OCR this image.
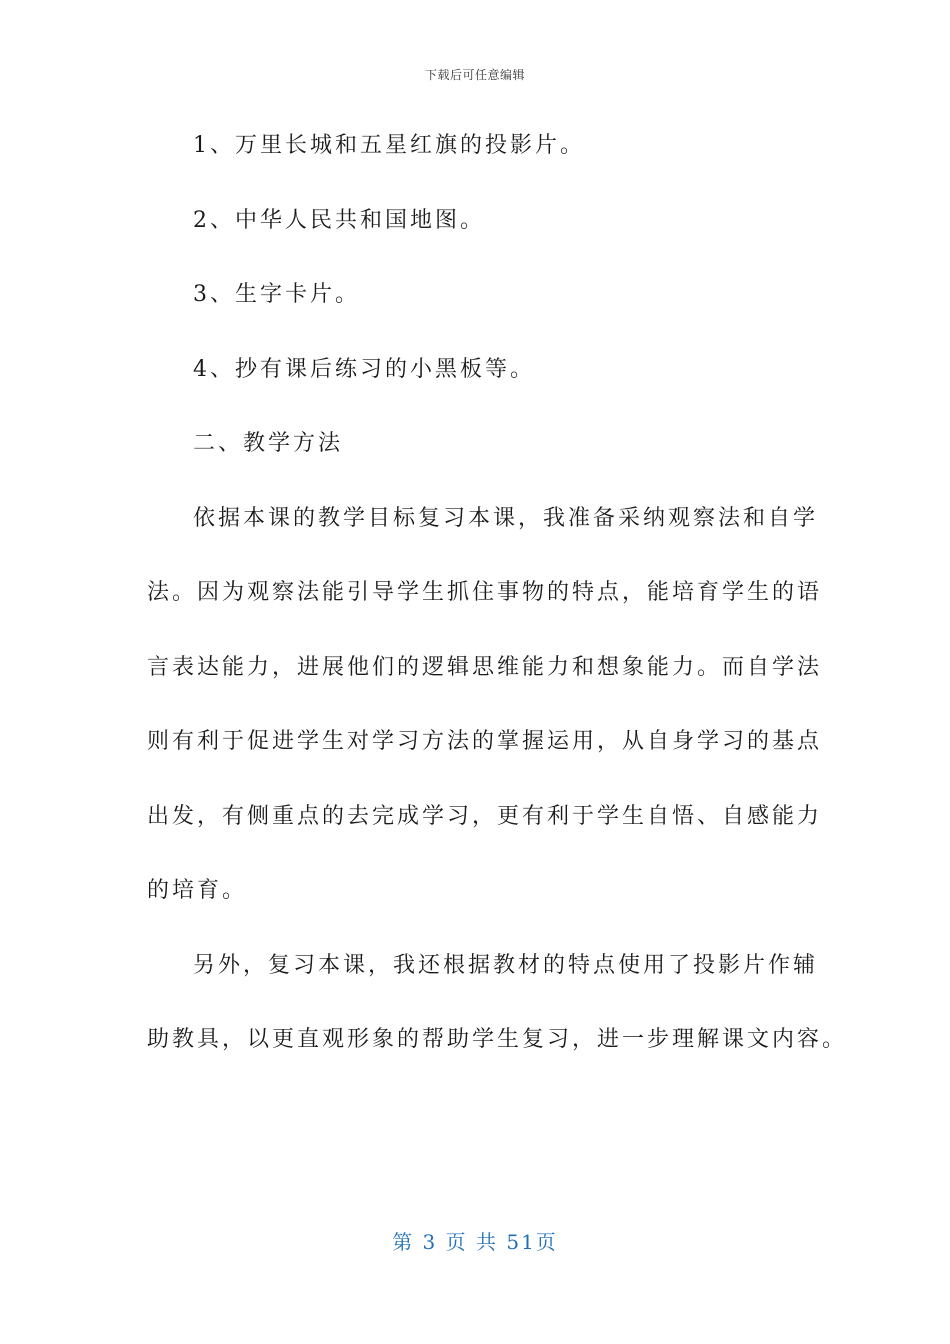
下载后可任意编辑
1、万里长城和五星红旗的投影片。
2、中华人民共和国地图。
3、生字卡片。
4、抄有课后练习的小黑板等。
二、教学方法
依据本课的教学目标复习本课，我准备采纳观察法和自学
法。因为观察法能引导学生抓住事物的特点，能培育学生的语
言表达能力，进展他们的逻辑思维能力和想象能力。而自学法
则有利于促进学生对学习方法的掌握运用，从自身学习的基点
出发，有侧重点的去完成学习，更有利于学生自悟、自感能力
的培育。
另外，复习本课，我还根据教材的特点使用了投影片作辅
助教具，以更直观形象的帮助学生复习，进一步理解课文内容。
第 3 页 共 51页
